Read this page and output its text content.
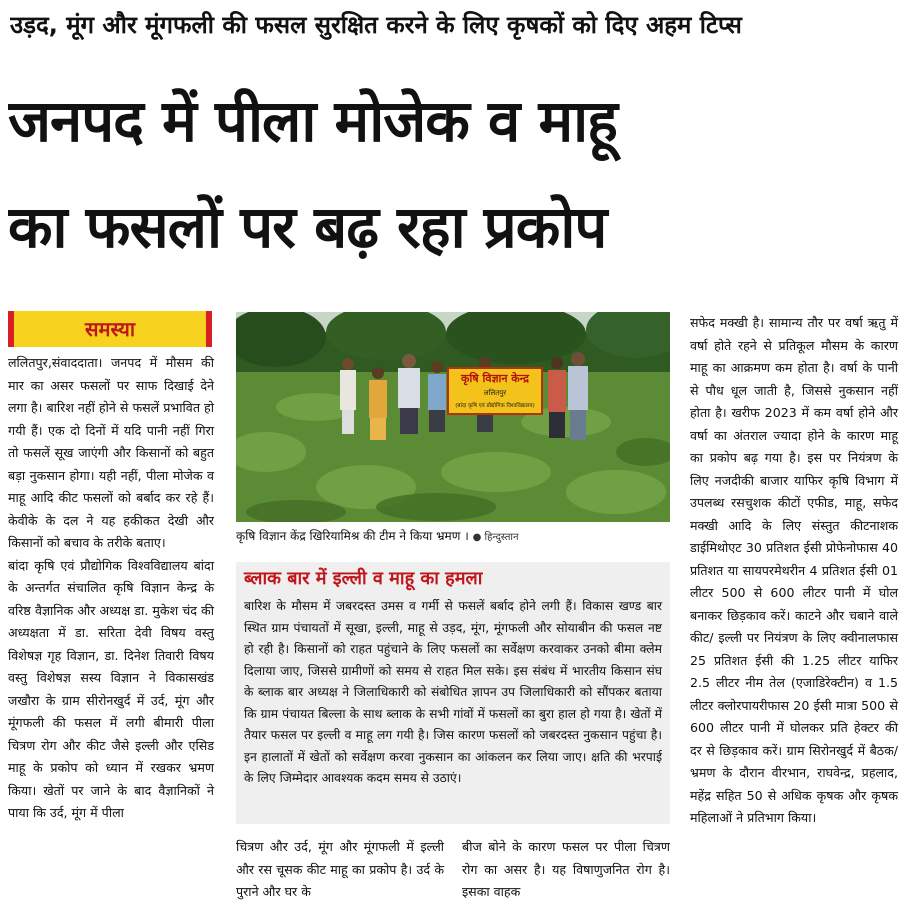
उड़द, मूंग और मूंगफली की फसल सुरक्षित करने के लिए कृषकों को दिए अहम टिप्स
जनपद में पीला मोजेक व माहू
का फसलों पर बढ़ रहा प्रकोप
समस्या

ललितपुर,संवाददाता। जनपद में मौसम की मार का असर फसलों पर साफ दिखाई देने लगा है। बारिश नहीं होने से फसलें प्रभावित हो गयी हैं। एक दो दिनों में यदि पानी नहीं गिरा तो फसलें सूख जाएंगी और किसानों को बहुत बड़ा नुकसान होगा। यही नहीं, पीला मोजेक व माहू आदि कीट फसलों को बर्बाद कर रहे हैं। केवीके के दल ने यह हकीकत देखी और किसानों को बचाव के तरीके बताए।

बांदा कृषि एवं प्रौद्योगिक विश्वविद्यालय बांदा के अन्तर्गत संचालित कृषि विज्ञान केन्द्र के वरिष्ठ वैज्ञानिक और अध्यक्ष डा. मुकेश चंद की अध्यक्षता में डा. सरिता देवी विषय वस्तु विशेषज्ञ गृह विज्ञान, डा. दिनेश तिवारी विषय वस्तु विशेषज्ञ सस्य विज्ञान ने विकासखंड जखौरा के ग्राम सीरोनखुर्द में उर्द, मूंग और मूंगफली की फसल में लगी बीमारी पीला चित्रण रोग और कीट जैसे इल्ली और एसिड माहू के प्रकोप को ध्यान में रखकर भ्रमण किया। खेतों पर जाने के बाद वैज्ञानिकों ने पाया कि उर्द, मूंग में पीला

कृषि विज्ञान केन्द्र
ललितपुर
(बांदा कृषि एवं प्रौद्योगिक विश्वविद्यालय)
कृषि विज्ञान केंद्र खिरियामिश्र की टीम ने किया भ्रमण । ● हिन्दुस्तान
ब्लाक बार में इल्ली व माहू का हमला

बारिश के मौसम में जबरदस्त उमस व गर्मी से फसलें बर्बाद होने लगी हैं। विकास खण्ड बार स्थित ग्राम पंचायतों में सूखा, इल्ली, माहू से उड़द, मूंग, मूंगफली और सोयाबीन की फसल नष्ट हो रही है। किसानों को राहत पहुंचाने के लिए फसलों का सर्वेक्षण करवाकर उनको बीमा क्लेम दिलाया जाए, जिससे ग्रामीणों को समय से राहत मिल सके। इस संबंध में भारतीय किसान संघ के ब्लाक बार अध्यक्ष ने जिलाधिकारी को संबोधित ज्ञापन उप जिलाधिकारी को सौंपकर बताया कि ग्राम पंचायत बिल्ला के साथ ब्लाक के सभी गांवों में फसलों का बुरा हाल हो गया है। खेतों में तैयार फसल पर इल्ली व माहू लग गयी है। जिस कारण फसलों को जबरदस्त नुकसान पहुंचा है। इन हालातों में खेतों को सर्वेक्षण करवा नुकसान का आंकलन कर लिया जाए। क्षति की भरपाई के लिए जिम्मेदार आवश्यक कदम समय से उठाएं।

चित्रण और उर्द, मूंग और मूंगफली में इल्ली और रस चूसक कीट माहू का प्रकोप है। उर्द के पुराने और घर के

बीज बोने के कारण फसल पर पीला चित्रण रोग का असर है। यह विषाणुजनित रोग है। इसका वाहक

सफेद मक्खी है। सामान्य तौर पर वर्षा ऋतु में वर्षा होते रहने से प्रतिकूल मौसम के कारण माहू का आक्रमण कम होता है। वर्षा के पानी से पौध धूल जाती है, जिससे नुकसान नहीं होता है। खरीफ 2023 में कम वर्षा होने और वर्षा का अंतराल ज्यादा होने के कारण माहू का प्रकोप बढ़ गया है। इस पर नियंत्रण के लिए नजदीकी बाजार याफिर कृषि विभाग में उपलब्ध रसचुशक कीटों एफीड, माहू, सफेद मक्खी आदि के लिए संस्तुत कीटनाशक डाईमिथोएट 30 प्रतिशत ईसी प्रोफेनोफास 40 प्रतिशत या सायपरमेथरीन 4 प्रतिशत ईसी 01 लीटर 500 से 600 लीटर पानी में घोल बनाकर छिड़काव करें। काटने और चबाने वाले कीट/ इल्ली पर नियंत्रण के लिए क्वीनालफास 25 प्रतिशत ईसी की 1.25 लीटर याफिर 2.5 लीटर नीम तेल (एजाडिरेक्टीन) व 1.5 लीटर क्लोरपायरीफास 20 ईसी मात्रा 500 से 600 लीटर पानी में घोलकर प्रति हेक्टर की दर से छिड़काव करें। ग्राम सिरोनखुर्द में बैठक/ भ्रमण के दौरान वीरभान, राघवेन्द्र, प्रहलाद, महेंद्र सहित 50 से अधिक कृषक और कृषक महिलाओं ने प्रतिभाग किया।
